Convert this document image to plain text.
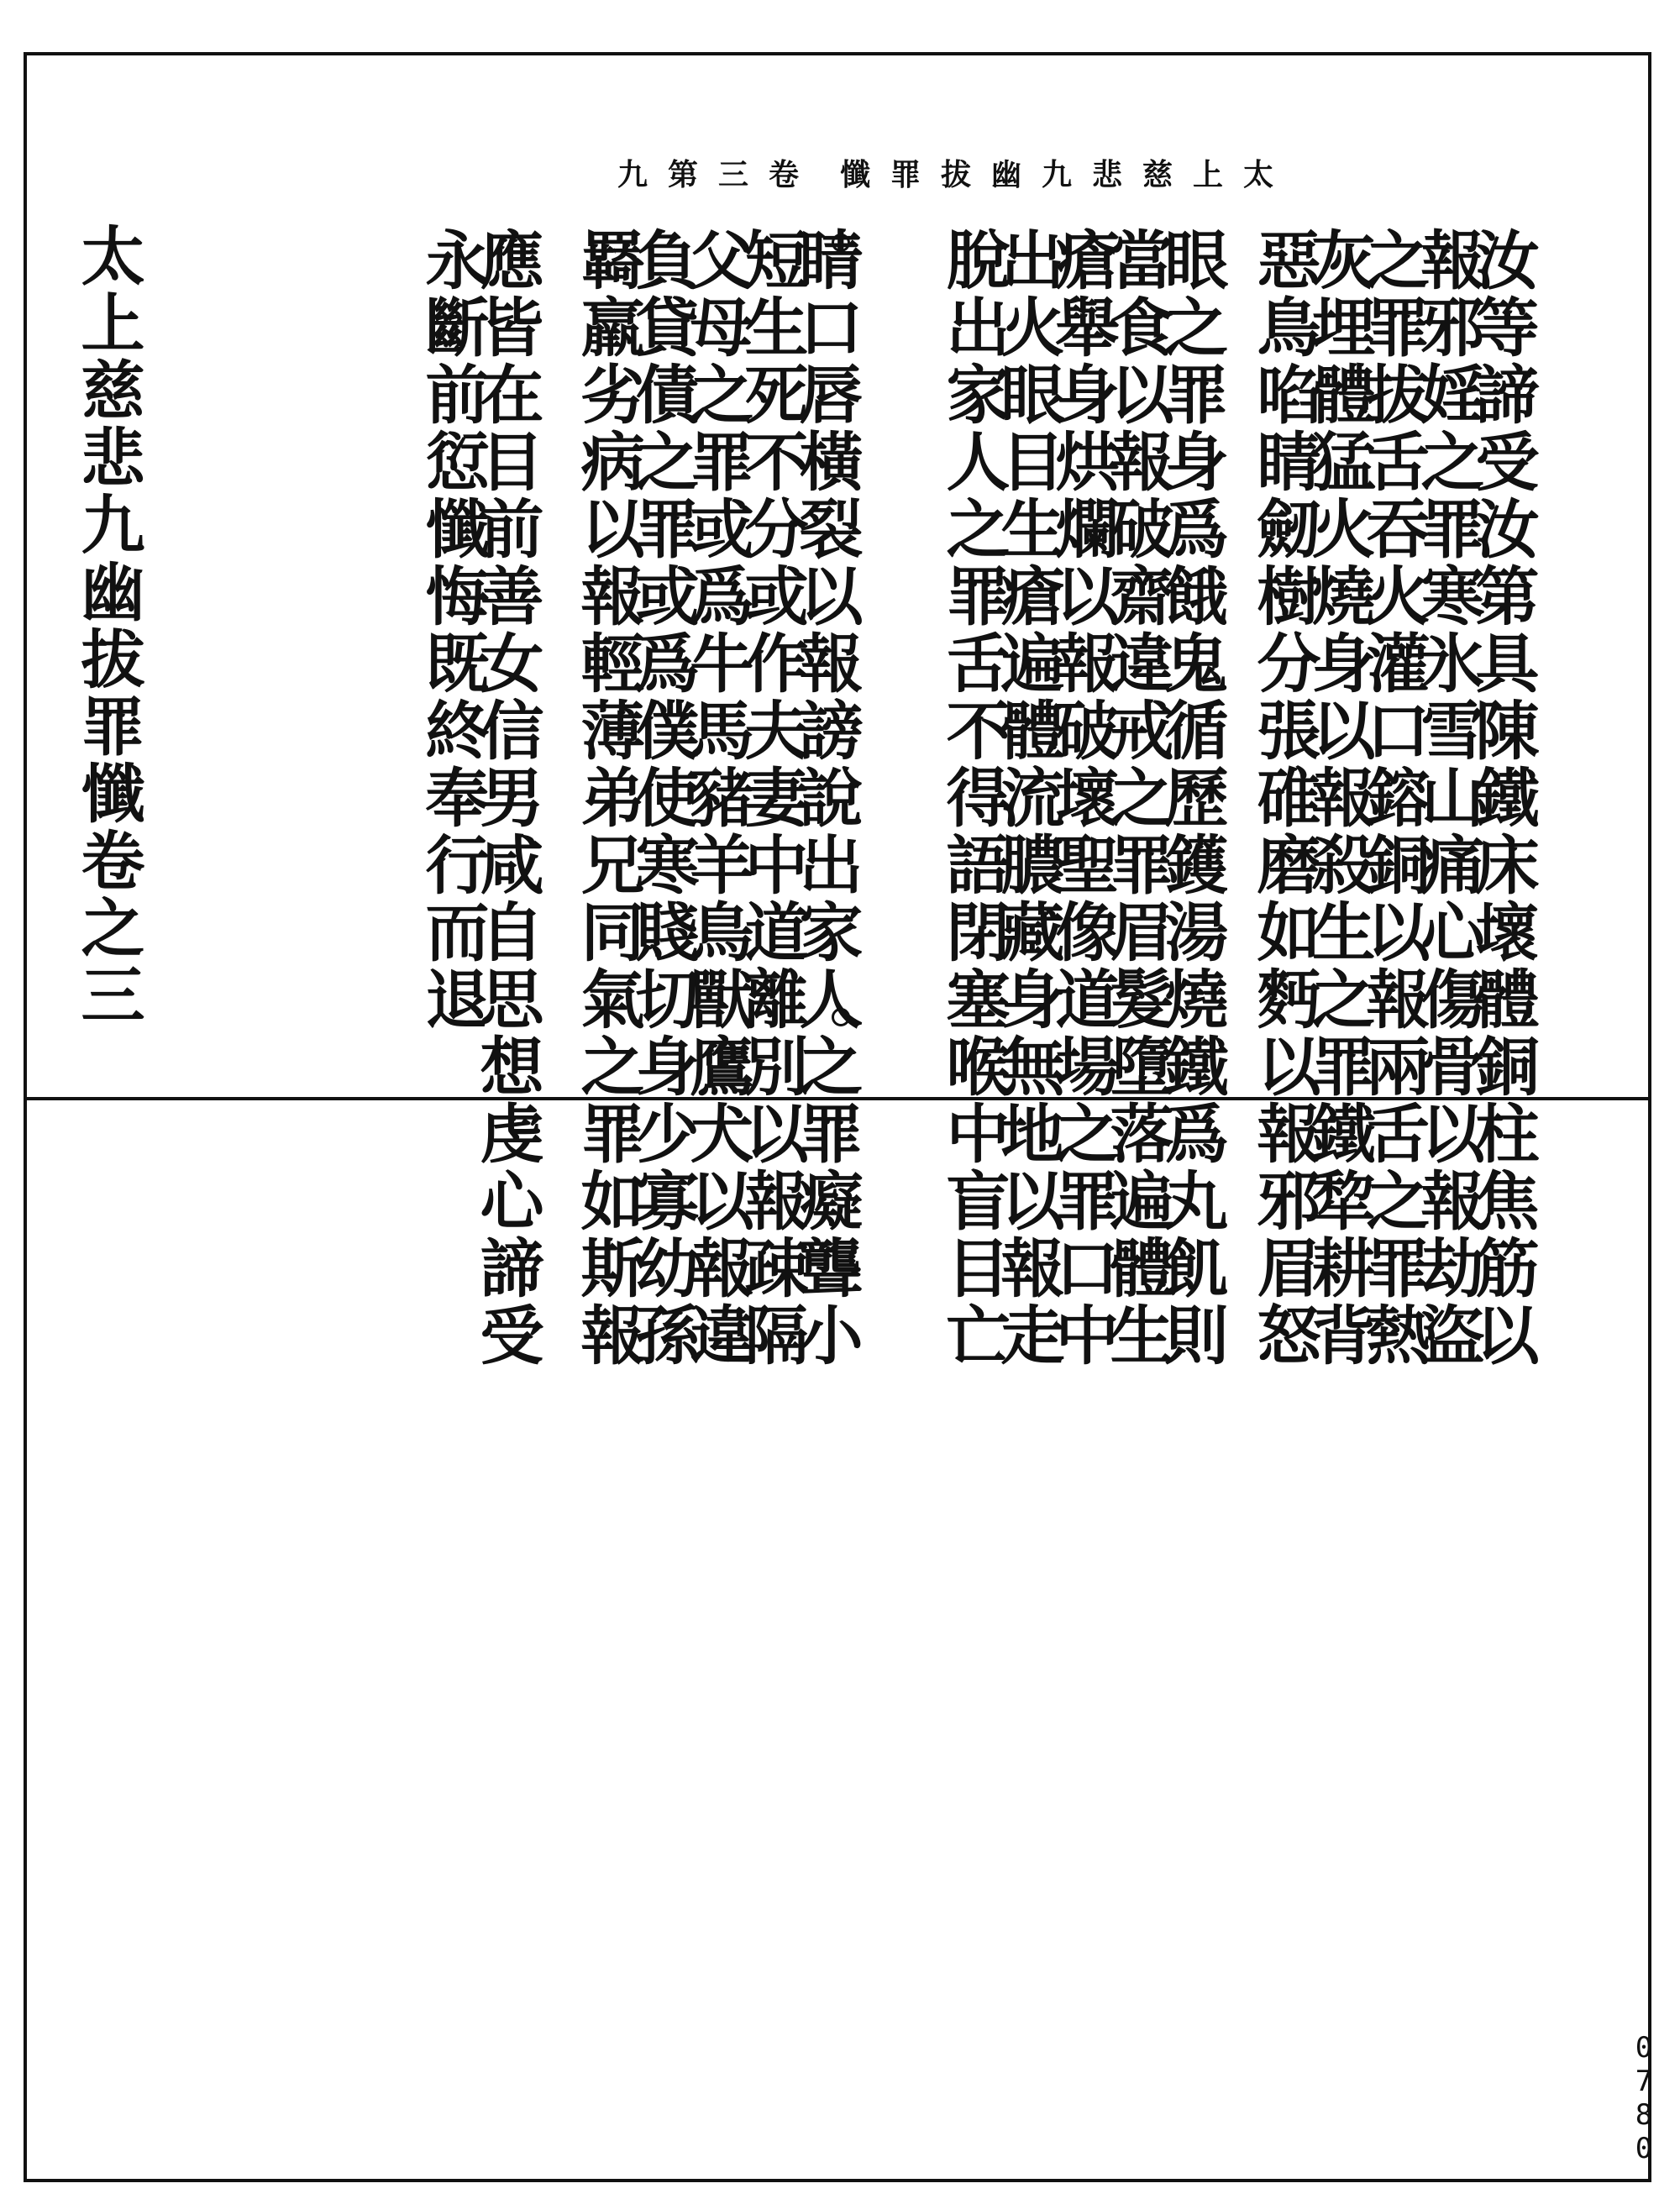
九第三卷 懺罪拔幽九悲慈上太
汝等諦受汝第具陳鐵床壞體銅柱焦筋以
報邪婬之罪寒氷雪山痛心傷骨以報劫盜
之罪拔舌吞火灌口鎔銅以報兩舌之罪熱
灰埋體猛火燒身以報殺生之罪鐵犂耕背
惡鳥啗睛劒樹分張碓磨如麪以報邪眉怒
眼之罪身爲餓鬼循歷鑊湯燒鐵爲丸飢則
當食以報破齋違戒之罪眉髮墮落遍體生
瘡舉身烘爛以報破壞聖像道場之罪口中
出火眼目生瘡遍體流膿藏身無地以報走
脫出家人之罪舌不得語閉塞喉中盲目亡
睛口唇橫裂以報謗說出家人之罪癡聾小
短生死不分或作夫妻中道離別以報疎隔
父母之罪或爲牛馬豬羊鳥獸鷹犬以報違
負貸債之罪或爲僕使寒賤切身少寡幼孫
羇羸劣病以報輕薄弟兄同氣之罪如斯報
應皆在目前善女信男咸自思想虔心諦受
永斷前愆懺悔既終奉行而退
太上慈悲九幽拔罪懺卷之三
0780
